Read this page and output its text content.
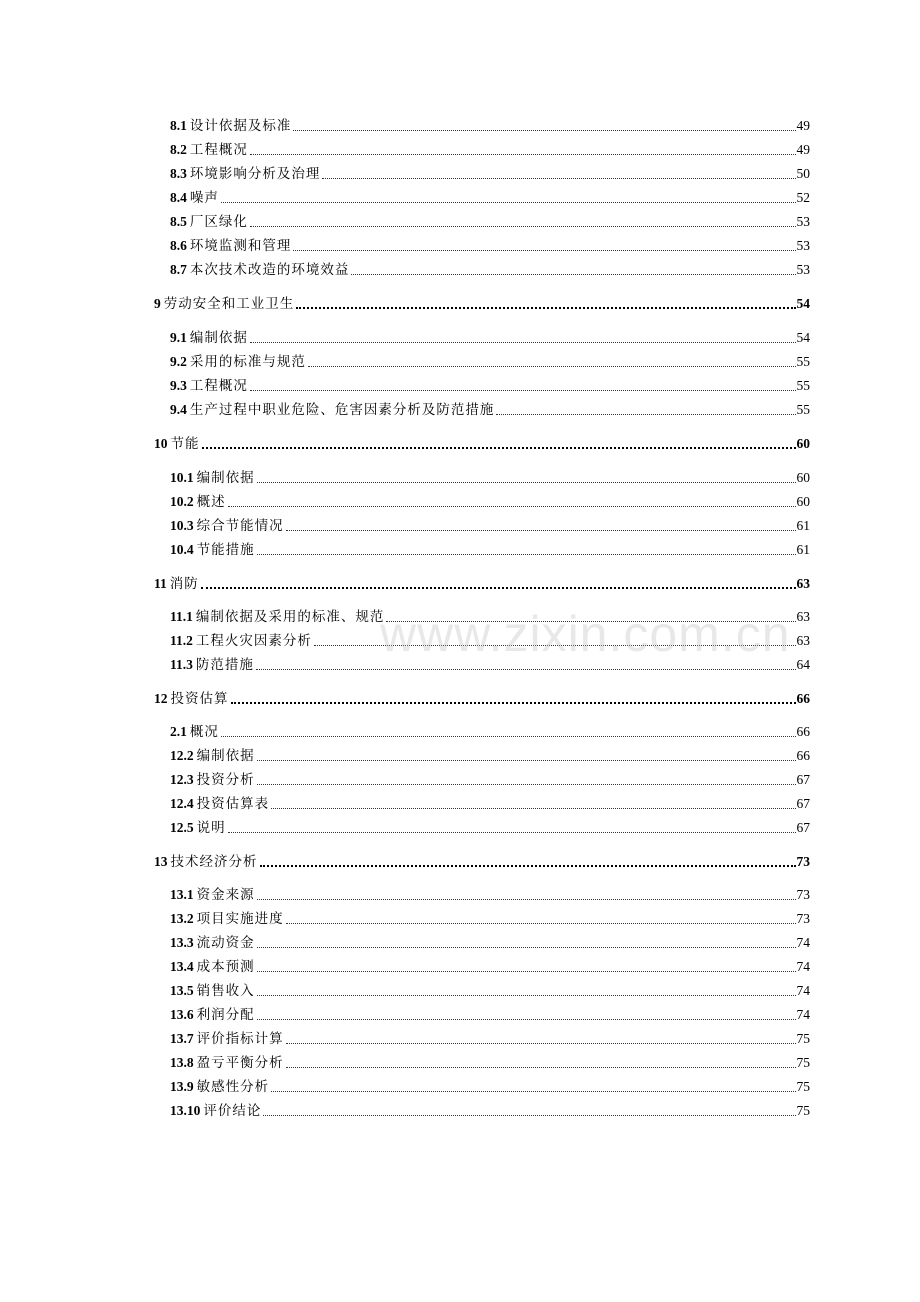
8.1 设计依据及标准	49
8.2 工程概况	49
8.3 环境影响分析及治理	50
8.4 噪声	52
8.5 厂区绿化	53
8.6 环境监测和管理	53
8.7 本次技术改造的环境效益	53
9 劳动安全和工业卫生	54
9.1 编制依据	54
9.2 采用的标准与规范	55
9.3 工程概况	55
9.4 生产过程中职业危险、危害因素分析及防范措施	55
10 节能	60
10.1 编制依据	60
10.2 概述	60
10.3 综合节能情况	61
10.4 节能措施	61
11 消防	63
11.1 编制依据及采用的标准、规范	63
11.2 工程火灾因素分析	63
11.3 防范措施	64
12 投资估算	66
2.1 概况	66
12.2 编制依据	66
12.3 投资分析	67
12.4 投资估算表	67
12.5 说明	67
13 技术经济分析	73
13.1 资金来源	73
13.2 项目实施进度	73
13.3 流动资金	74
13.4 成本预测	74
13.5 销售收入	74
13.6 利润分配	74
13.7 评价指标计算	75
13.8 盈亏平衡分析	75
13.9 敏感性分析	75
13.10 评价结论	75
www.zixin.com.cn
